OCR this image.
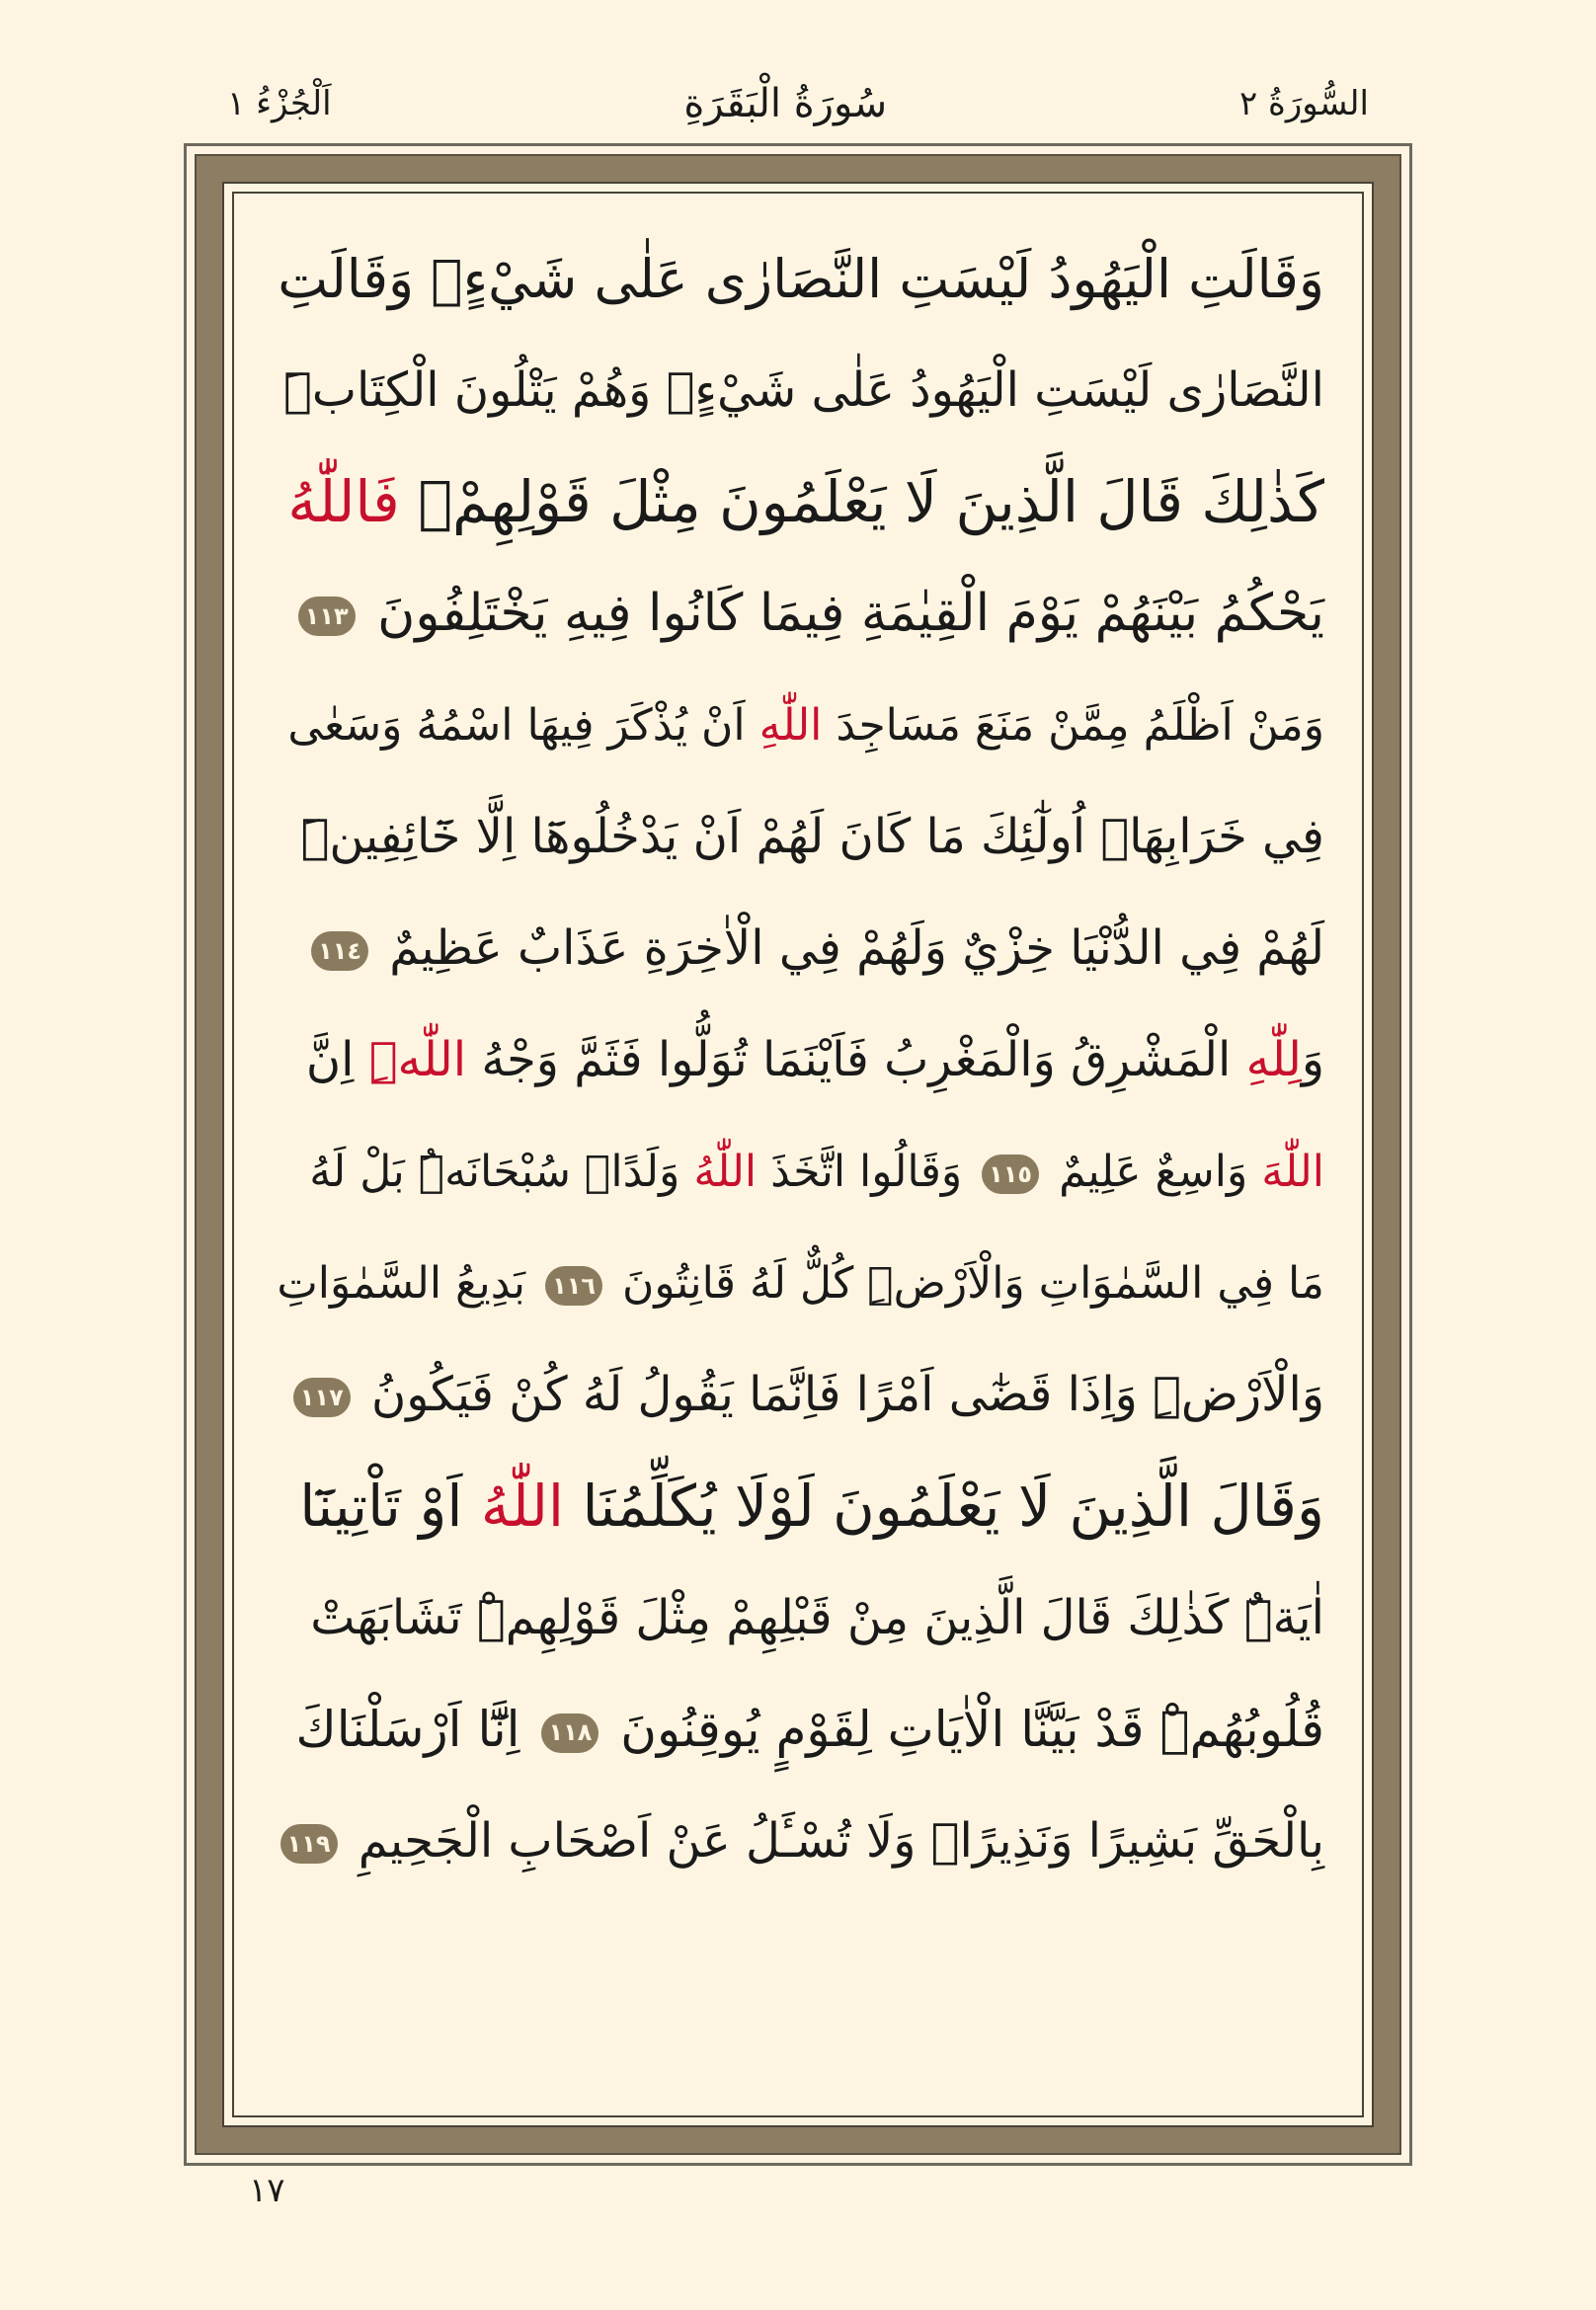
السُّورَةُ ٢
سُورَةُ الْبَقَرَةِ
اَلْجُزْءُ ١
وَقَالَتِ الْيَهُودُ لَيْسَتِ النَّصَارٰى عَلٰى شَيْءٍۖ وَقَالَتِ
النَّصَارٰى لَيْسَتِ الْيَهُودُ عَلٰى شَيْءٍۙ وَهُمْ يَتْلُونَ الْكِتَابَۜ
كَذٰلِكَ قَالَ الَّذِينَ لَا يَعْلَمُونَ مِثْلَ قَوْلِهِمْۚ فَاللّٰهُ
يَحْكُمُ بَيْنَهُمْ يَوْمَ الْقِيٰمَةِ فِيمَا كَانُوا فِيهِ يَخْتَلِفُونَ ١١٣
وَمَنْ اَظْلَمُ مِمَّنْ مَنَعَ مَسَاجِدَ اللّٰهِ اَنْ يُذْكَرَ فِيهَا اسْمُهُ وَسَعٰى
فِي خَرَابِهَاۜ اُولٰٓئِكَ مَا كَانَ لَهُمْ اَنْ يَدْخُلُوهَٓا اِلَّا خَٓائِفِينَۜ
لَهُمْ فِي الدُّنْيَا خِزْيٌ وَلَهُمْ فِي الْاٰخِرَةِ عَذَابٌ عَظِيمٌ ١١٤
وَلِلّٰهِ الْمَشْرِقُ وَالْمَغْرِبُ فَاَيْنَمَا تُوَلُّوا فَثَمَّ وَجْهُ اللّٰهِۜ اِنَّ
اللّٰهَ وَاسِعٌ عَلِيمٌ ١١٥ وَقَالُوا اتَّخَذَ اللّٰهُ وَلَدًاۙ سُبْحَانَهُۜ بَلْ لَهُ
مَا فِي السَّمٰوَاتِ وَالْاَرْضِۜ كُلٌّ لَهُ قَانِتُونَ ١١٦ بَدِيعُ السَّمٰوَاتِ
وَالْاَرْضِۜ وَاِذَا قَضٰٓى اَمْرًا فَاِنَّمَا يَقُولُ لَهُ كُنْ فَيَكُونُ ١١٧
وَقَالَ الَّذِينَ لَا يَعْلَمُونَ لَوْلَا يُكَلِّمُنَا اللّٰهُ اَوْ تَاْتِينَٓا
اٰيَةٌۜ كَذٰلِكَ قَالَ الَّذِينَ مِنْ قَبْلِهِمْ مِثْلَ قَوْلِهِمْۜ تَشَابَهَتْ
قُلُوبُهُمْۜ قَدْ بَيَّنَّا الْاٰيَاتِ لِقَوْمٍ يُوقِنُونَ ١١٨ اِنَّٓا اَرْسَلْنَاكَ
بِالْحَقِّ بَشِيرًا وَنَذِيرًاۙ وَلَا تُسْـَٔلُ عَنْ اَصْحَابِ الْجَحِيمِ ١١٩
١٧
